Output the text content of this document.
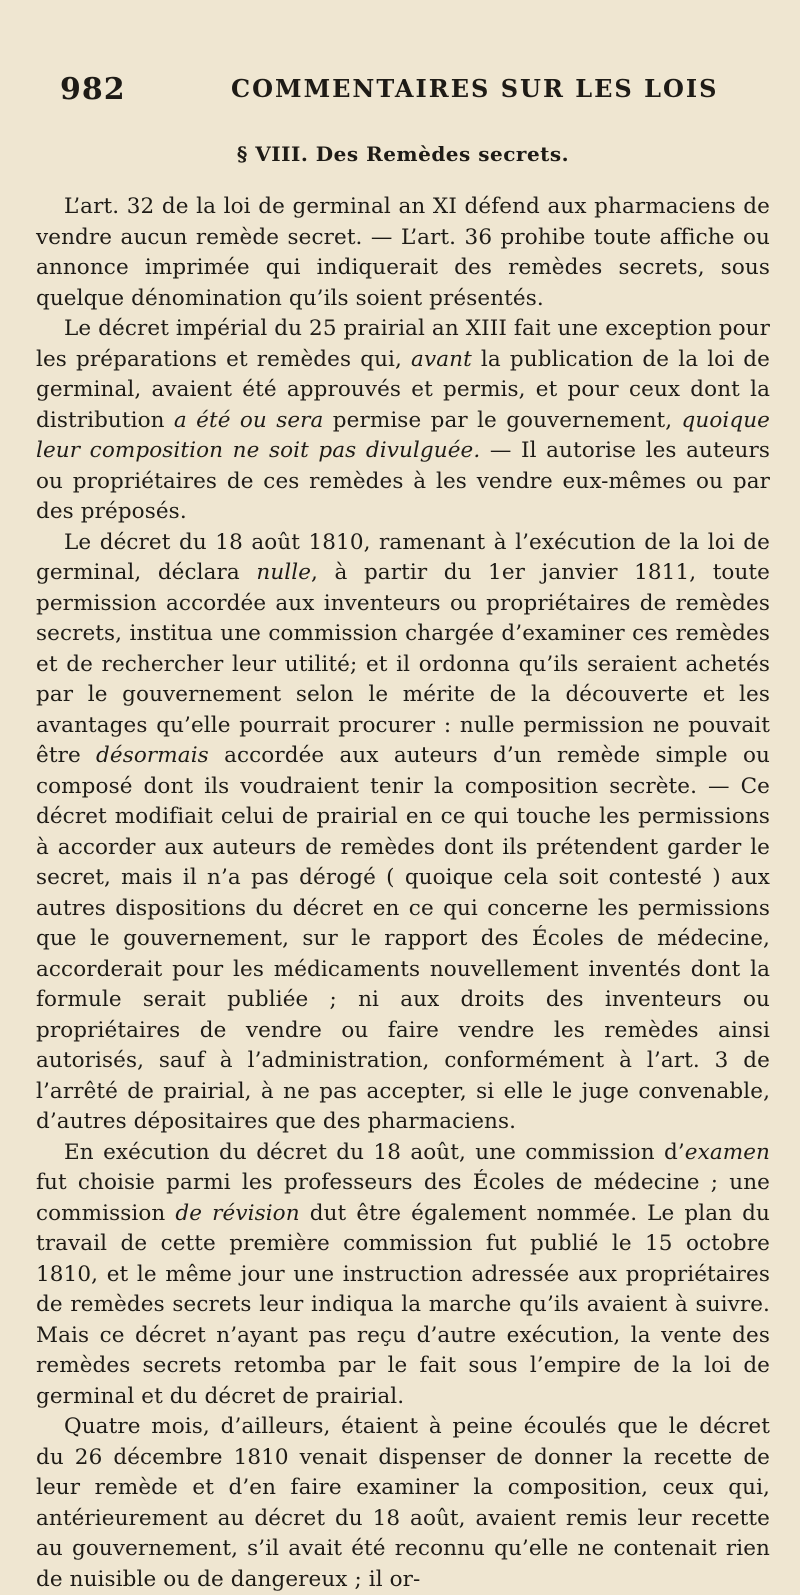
982	COMMENTAIRES SUR LES LOIS
§ VIII. Des Remèdes secrets.

L’art. 32 de la loi de germinal an XI défend aux pharmaciens de vendre aucun remède secret. — L’art. 36 prohibe toute affiche ou annonce imprimée qui indiquerait des remèdes secrets, sous quelque dénomination qu’ils soient présentés.

Le décret impérial du 25 prairial an XIII fait une exception pour les préparations et remèdes qui, avant la publication de la loi de germinal, avaient été approuvés et permis, et pour ceux dont la distribution a été ou sera permise par le gouvernement, quoique leur composition ne soit pas divulguée. — Il autorise les auteurs ou propriétaires de ces remèdes à les vendre eux-mêmes ou par des préposés.

Le décret du 18 août 1810, ramenant à l’exécution de la loi de germinal, déclara nulle, à partir du 1er janvier 1811, toute permission accordée aux inventeurs ou propriétaires de remèdes secrets, institua une commission chargée d’examiner ces remèdes et de rechercher leur utilité; et il ordonna qu’ils seraient achetés par le gouvernement selon le mérite de la découverte et les avantages qu’elle pourrait procurer : nulle permission ne pouvait être désormais accordée aux auteurs d’un remède simple ou composé dont ils voudraient tenir la composition secrète. — Ce décret modifiait celui de prairial en ce qui touche les permissions à accorder aux auteurs de remèdes dont ils prétendent garder le secret, mais il n’a pas dérogé ( quoique cela soit contesté ) aux autres dispositions du décret en ce qui concerne les permissions que le gouvernement, sur le rapport des Écoles de médecine, accorderait pour les médicaments nouvellement inventés dont la formule serait publiée ; ni aux droits des inventeurs ou propriétaires de vendre ou faire vendre les remèdes ainsi autorisés, sauf à l’administration, conformément à l’art. 3 de l’arrêté de prairial, à ne pas accepter, si elle le juge convenable, d’autres dépositaires que des pharmaciens.

En exécution du décret du 18 août, une commission d’examen fut choisie parmi les professeurs des Écoles de médecine ; une commission de révision dut être également nommée. Le plan du travail de cette première commission fut publié le 15 octobre 1810, et le même jour une instruction adressée aux propriétaires de remèdes secrets leur indiqua la marche qu’ils avaient à suivre. Mais ce décret n’ayant pas reçu d’autre exécution, la vente des remèdes secrets retomba par le fait sous l’empire de la loi de germinal et du décret de prairial.

Quatre mois, d’ailleurs, étaient à peine écoulés que le décret du 26 décembre 1810 venait dispenser de donner la recette de leur remède et d’en faire examiner la composition, ceux qui, antérieurement au décret du 18 août, avaient remis leur recette au gouvernement, s’il avait été reconnu qu’elle ne contenait rien de nuisible ou de dangereux ; il or-
